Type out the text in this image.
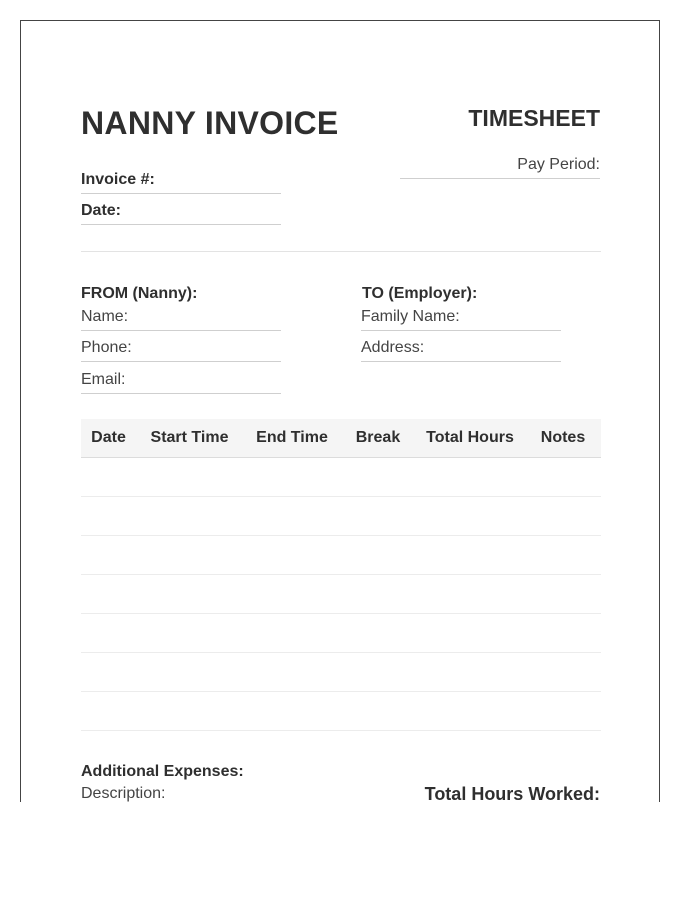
NANNY INVOICE	TIMESHEET
Pay Period:
Invoice #:
Date:
FROM (Nanny):
Name:
Phone:
Email:
TO (Employer):
Family Name:
Address:
Date	Start Time	End Time	Break	Total Hours	Notes
Additional Expenses:
Description:	Total Hours Worked:
